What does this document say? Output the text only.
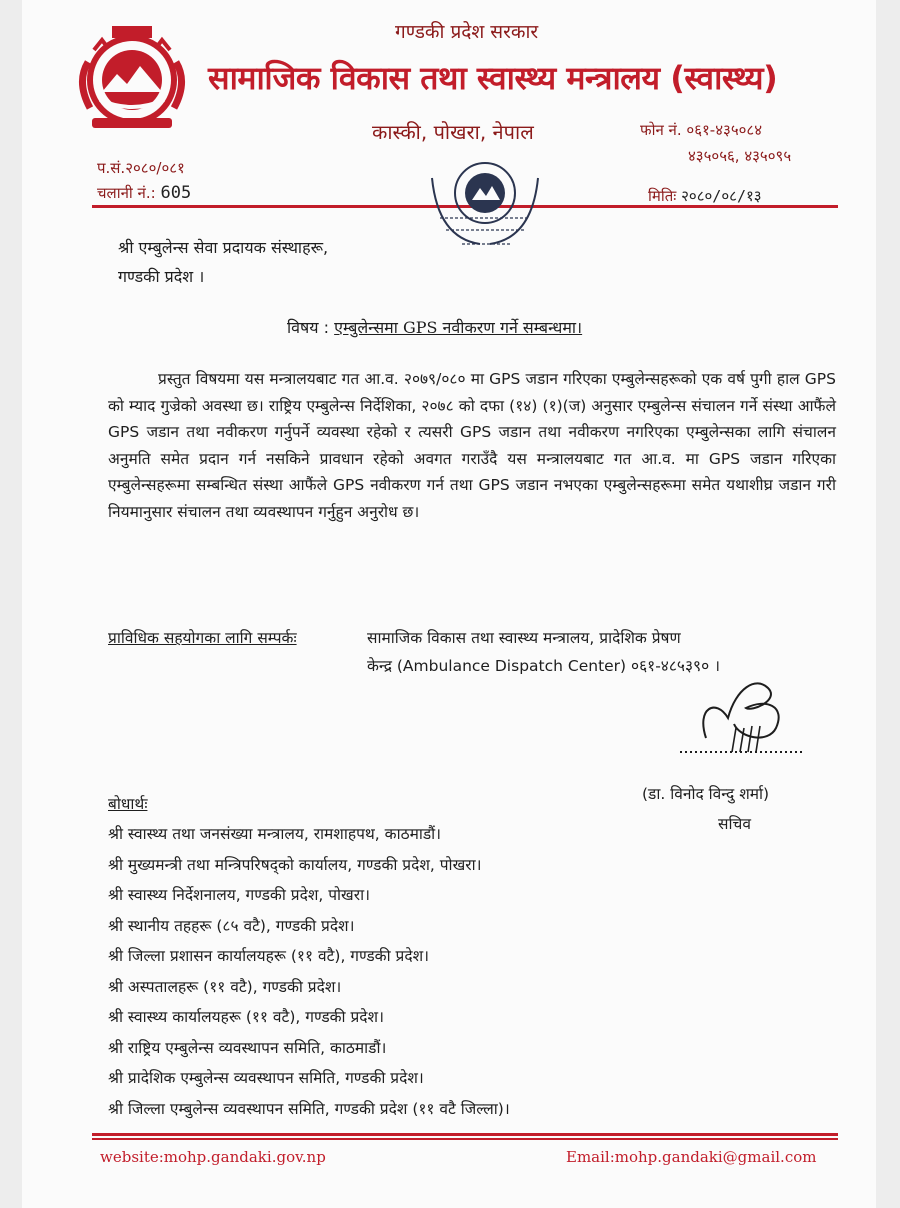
गण्डकी प्रदेश सरकार
सामाजिक विकास तथा स्वास्थ्य मन्त्रालय (स्वास्थ्य)
कास्की, पोखरा, नेपाल	फोन नं. ०६१-४३५०८४
४३५०५६, ४३५०९५
प.सं.२०८०/०८१
चलानी नं.: 605	मितिः २०८०/०८/१३
श्री एम्बुलेन्स सेवा प्रदायक संस्थाहरू,
गण्डकी प्रदेश ।
विषय : एम्बुलेन्समा GPS नवीकरण गर्ने सम्बन्धमा।

प्रस्तुत विषयमा यस मन्त्रालयबाट गत आ.व. २०७९/०८० मा GPS जडान गरिएका एम्बुलेन्सहरूको एक वर्ष पुगी हाल GPS को म्याद गुज्रेको अवस्था छ। राष्ट्रिय एम्बुलेन्स निर्देशिका, २०७८ को दफा (१४) (१)(ज) अनुसार एम्बुलेन्स संचालन गर्ने संस्था आफैंले GPS जडान तथा नवीकरण गर्नुपर्ने व्यवस्था रहेको र त्यसरी GPS जडान तथा नवीकरण नगरिएका एम्बुलेन्सका लागि संचालन अनुमति समेत प्रदान गर्न नसकिने प्रावधान रहेको अवगत गराउँदै यस मन्त्रालयबाट गत आ.व. मा GPS जडान गरिएका एम्बुलेन्सहरूमा सम्बन्धित संस्था आफैंले GPS नवीकरण गर्न तथा GPS जडान नभएका एम्बुलेन्सहरूमा समेत यथाशीघ्र जडान गरी नियमानुसार संचालन तथा व्यवस्थापन गर्नुहुन अनुरोध छ।

प्राविधिक सहयोगका लागि सम्पर्कः	सामाजिक विकास तथा स्वास्थ्य मन्त्रालय, प्रादेशिक प्रेषण
केन्द्र (Ambulance Dispatch Center) ०६१-४८५३९० ।
(डा. विनोद विन्दु शर्मा)
सचिव
बोधार्थः
श्री स्वास्थ्य तथा जनसंख्या मन्त्रालय, रामशाहपथ, काठमाडौं।
श्री मुख्यमन्त्री तथा मन्त्रिपरिषद्को कार्यालय, गण्डकी प्रदेश, पोखरा।
श्री स्वास्थ्य निर्देशनालय, गण्डकी प्रदेश, पोखरा।
श्री स्थानीय तहहरू (८५ वटै), गण्डकी प्रदेश।
श्री जिल्ला प्रशासन कार्यालयहरू (११ वटै), गण्डकी प्रदेश।
श्री अस्पतालहरू (११ वटै), गण्डकी प्रदेश।
श्री स्वास्थ्य कार्यालयहरू (११ वटै), गण्डकी प्रदेश।
श्री राष्ट्रिय एम्बुलेन्स व्यवस्थापन समिति, काठमाडौं।
श्री प्रादेशिक एम्बुलेन्स व्यवस्थापन समिति, गण्डकी प्रदेश।
श्री जिल्ला एम्बुलेन्स व्यवस्थापन समिति, गण्डकी प्रदेश (११ वटै जिल्ला)।
website:mohp.gandaki.gov.np	Email:mohp.gandaki@gmail.com
